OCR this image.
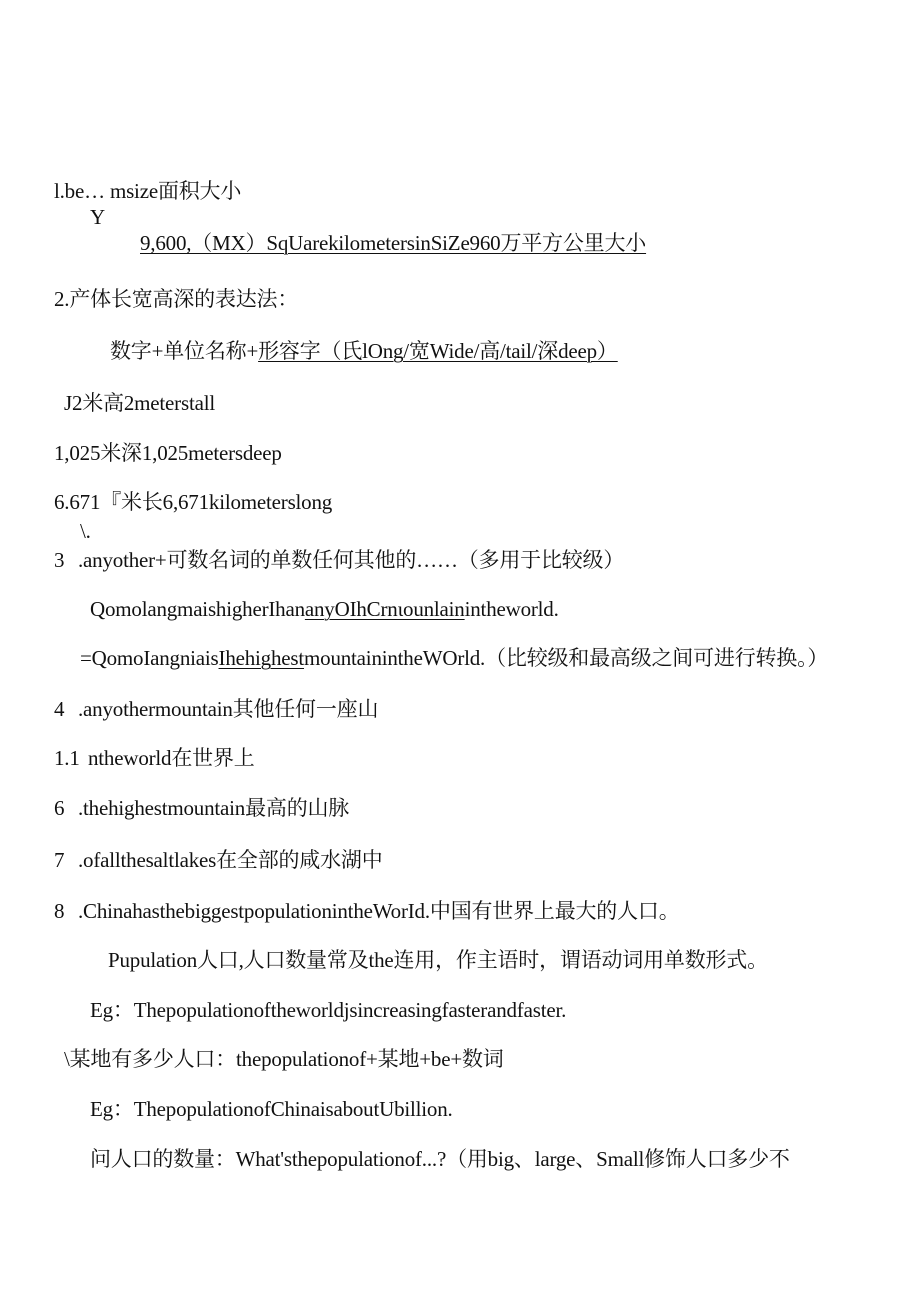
l.be… msize面积大小
Y
9,600,（MX）SqUarekilometersinSiZe960万平方公里大小
2.产体长宽高深的表达法：
数字+单位名称+形容字（氏lOng/宽Wide/高/tail/深deep）
J2米高2meterstall
1,025米深1,025metersdeep
6.671『米长6,671kilometerslong
\.
3 .anyother+可数名词的单数任何其他的……（多用于比较级）
QomolangmaishigherIhananyOIhCrnιounlainintheworld.
=QomoIangniaisIhehighestmountainintheWOrld.（比较级和最高级之间可进行转换。）
4 .anyothermountain其他任何一座山
1.1 ntheworld在世界上
6 .thehighestmountain最高的山脉
7 .ofallthesaltlakes在全部的咸水湖中
8 .ChinahasthebiggestpopulationintheWorId.中国有世界上最大的人口。
Pupulation人口,人口数量常及the连用，作主语时，谓语动词用单数形式。
Eg：Thepopulationoftheworldjsincreasingfasterandfaster.
\某地有多少人口：thepopulationof+某地+be+数词
Eg：ThepopulationofChinaisaboutUbillion.
问人口的数量：What'sthepopulationof...?（用big、large、Small修饰人口多少不
